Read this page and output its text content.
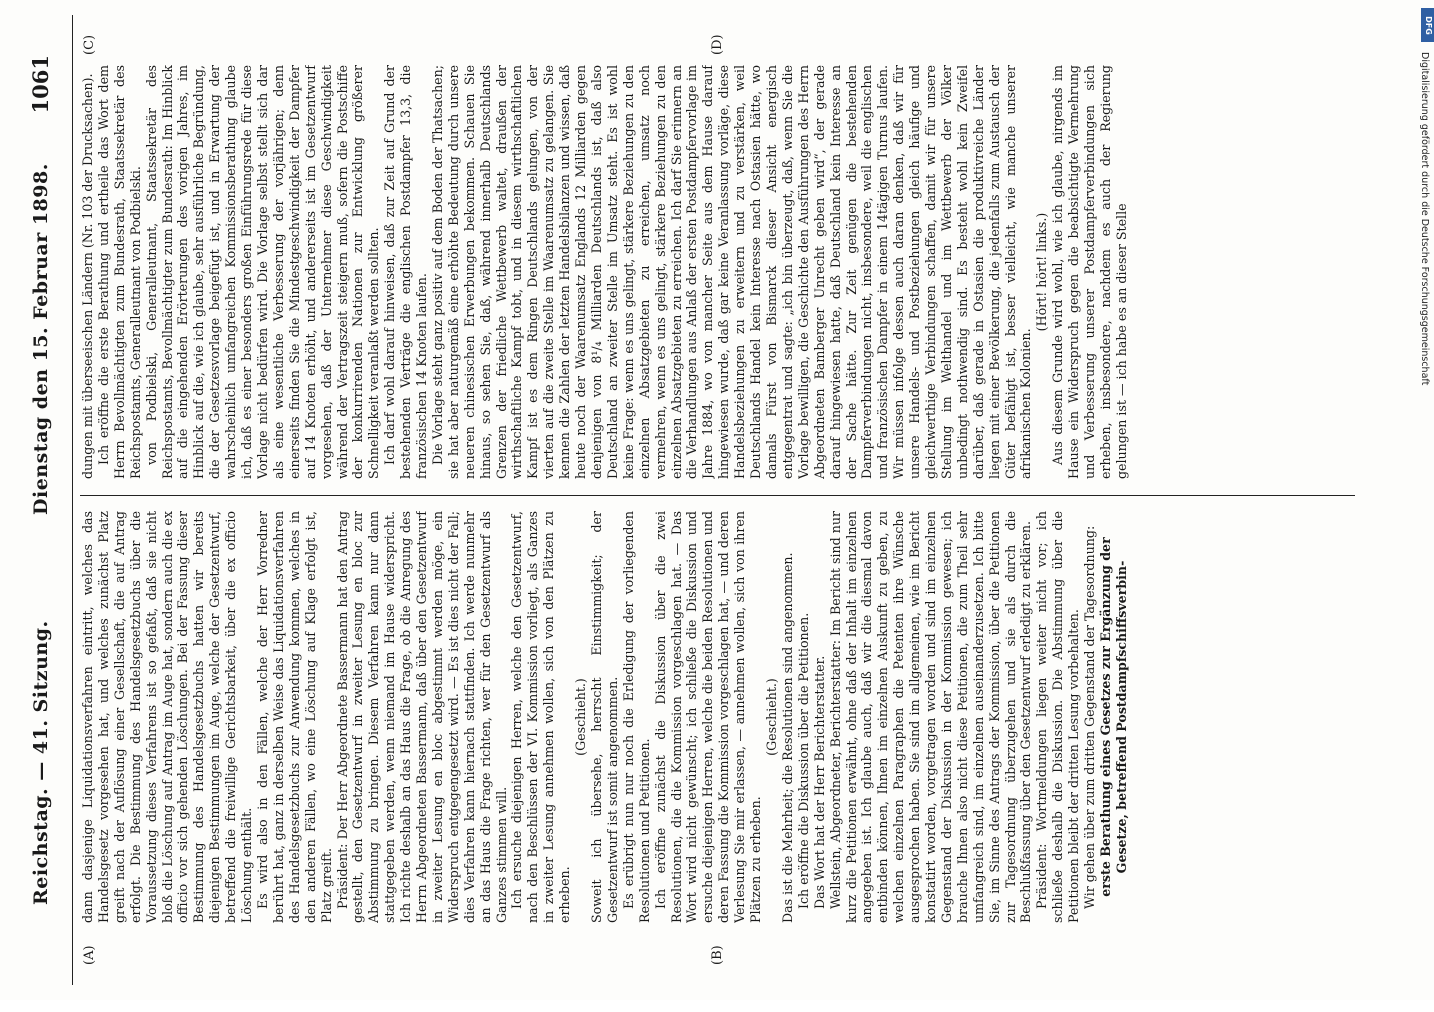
Reichstag. — 41. Sitzung.
Dienstag den 15. Februar 1898.
1061
(A)	(B)
(C)	(D)

dann dasjenige Liquidationsverfahren eintritt, welches das Handelsgesetz vorgesehen hat, und welches zunächst Platz greift nach der Auflösung einer Gesellschaft, die auf Antrag erfolgt. Die Bestimmung des Handelsgesetzbuchs über die Voraussetzung dieses Verfahrens ist so gefaßt, daß sie nicht bloß die Löschung auf Antrag im Auge hat, sondern auch die ex officio vor sich gehenden Löschungen. Bei der Fassung dieser Bestimmung des Handelsgesetzbuchs hatten wir bereits diejenigen Bestimmungen im Auge, welche der Gesetzentwurf, betreffend die freiwillige Gerichtsbarkeit, über die ex officio Löschung enthält. Es wird also in den Fällen, welche der Herr Vorredner berührt hat, ganz in derselben Weise das Liquidationsverfahren des Handelsgesetzbuchs zur Anwendung kommen, welches in den anderen Fällen, wo eine Löschung auf Klage erfolgt ist, Platz greift. Präsident: Der Herr Abgeordnete Bassermann hat den Antrag gestellt, den Gesetzentwurf in zweiter Lesung en bloc zur Abstimmung zu bringen. Diesem Verfahren kann nur dann stattgegeben werden, wenn niemand im Hause widerspricht. Ich richte deshalb an das Haus die Frage, ob die Anregung des Herrn Abgeordneten Bassermann, daß über den Gesetzentwurf in zweiter Lesung en bloc abgestimmt werden möge, ein Widerspruch entgegengesetzt wird. — Es ist dies nicht der Fall; dies Verfahren kann hiernach stattfinden. Ich werde nunmehr an das Haus die Frage richten, wer für den Gesetzentwurf als Ganzes stimmen will. Ich ersuche diejenigen Herren, welche den Gesetzentwurf, nach den Beschlüssen der VI. Kommission vorliegt, als Ganzes in zweiter Lesung annehmen wollen, sich von den Plätzen zu erheben.

(Geschieht.) Soweit ich übersehe, herrscht Einstimmigkeit; der Gesetzentwurf ist somit angenommen. Es erübrigt nun nur noch die Erledigung der vorliegenden Resolutionen und Petitionen. Ich eröffne zunächst die Diskussion über die zwei Resolutionen, die die Kommission vorgeschlagen hat. — Das Wort wird nicht gewünscht; ich schließe die Diskussion und ersuche diejenigen Herren, welche die beiden Resolutionen und deren Fassung die Kommission vorgeschlagen hat, — und deren Verlesung Sie mir erlassen, — annehmen wollen, sich von ihren Plätzen zu erheben.

(Geschieht.) Das ist die Mehrheit; die Resolutionen sind angenommen. Ich eröffne die Diskussion über die Petitionen. Das Wort hat der Herr Berichterstatter. Wellstein, Abgeordneter, Berichterstatter: Im Bericht sind nur kurz die Petitionen erwähnt, ohne daß der Inhalt im einzelnen angegeben ist. Ich glaube auch, daß wir die diesmal davon entbinden können, Ihnen im einzelnen Auskunft zu geben, zu welchen einzelnen Paragraphen die Petenten ihre Wünsche ausgesprochen haben. Sie sind im allgemeinen, wie im Bericht konstatirt worden, vorgetragen worden und sind im einzelnen Gegenstand der Diskussion in der Kommission gewesen; ich brauche Ihnen also nicht diese Petitionen, die zum Theil sehr umfangreich sind, im einzelnen auseinanderzusetzen. Ich bitte Sie, im Sinne des Antrags der Kommission, über die Petitionen zur Tagesordnung überzugehen und sie als durch die Beschlußfassung über den Gesetzentwurf erledigt zu erklären. Präsident: Wortmeldungen liegen weiter nicht vor; ich schließe deshalb die Diskussion. Die Abstimmung über die Petitionen bleibt der dritten Lesung vorbehalten. Wir gehen über zum dritten Gegenstand der Tagesordnung: erste Berathung eines Gesetzes zur Ergänzung der Gesetze, betreffend Postdampfschiffsverbin-

dungen mit überseeischen Ländern (Nr. 103 der Drucksachen). Ich eröffne die erste Berathung und ertheile das Wort dem Herrn Bevollmächtigten zum Bundesrath, Staatssekretär des Reichspostamts, Generalleutnant von Podbielski. von Podbielski, Generalleutnant, Staatssekretär des Reichspostamts, Bevollmächtigter zum Bundesrath: Im Hinblick auf die eingehenden Erörterungen des vorigen Jahres, im Hinblick auf die, wie ich glaube, sehr ausführliche Begründung, die der Gesetzesvorlage beigefügt ist, und in Erwartung der wahrscheinlich umfangreichen Kommissionsberathung glaube ich, daß es einer besonders großen Einführungsrede für diese Vorlage nicht bedürfen wird. Die Vorlage selbst stellt sich dar als eine wesentliche Verbesserung der vorjährigen; denn einerseits finden Sie die Mindestgeschwindigkeit der Dampfer auf 14 Knoten erhöht, und andererseits ist im Gesetzentwurf vorgesehen, daß der Unternehmer diese Geschwindigkeit während der Vertragszeit steigern muß, sofern die Postschiffe der konkurrirenden Nationen zur Entwicklung größerer Schnelligkeit veranlaßt werden sollten. Ich darf wohl darauf hinweisen, daß zur Zeit auf Grund der bestehenden Verträge die englischen Postdampfer 13,3, die französischen 14 Knoten laufen. Die Vorlage steht ganz positiv auf dem Boden der Thatsachen; sie hat aber naturgemäß eine erhöhte Bedeutung durch unsere neueren chinesischen Erwerbungen bekommen. Schauen Sie hinaus, so sehen Sie, daß, während innerhalb Deutschlands Grenzen der friedliche Wettbewerb waltet, draußen der wirthschaftliche Kampf tobt, und in diesem wirthschaftlichen Kampf ist es dem Ringen Deutschlands gelungen, von der vierten auf die zweite Stelle im Waarenumsatz zu gelangen. Sie kennen die Zahlen der letzten Handelsbilanzen und wissen, daß heute noch der Waarenumsatz Englands 12 Milliarden gegen denjenigen von 8¹/₄ Milliarden Deutschlands ist, daß also Deutschland an zweiter Stelle im Umsatz steht. Es ist wohl keine Frage: wenn es uns gelingt, stärkere Beziehungen zu den einzelnen Absatzgebieten zu erreichen, umsatz noch vermehren, wenn es uns gelingt, stärkere Beziehungen zu den einzelnen Absatzgebieten zu erreichen. Ich darf Sie erinnern an die Verhandlungen aus Anlaß der ersten Postdampfervorlage im Jahre 1884, wo von mancher Seite aus dem Hause darauf hingewiesen wurde, daß gar keine Veranlassung vorläge, diese Handelsbeziehungen zu erweitern und zu verstärken, weil Deutschlands Handel kein Interesse nach Ostasien hätte, wo damals Fürst von Bismarck dieser Ansicht energisch entgegentrat und sagte: „ich bin überzeugt, daß, wenn Sie die Vorlage bewilligen, die Geschichte den Ausführungen des Herrn Abgeordneten Bamberger Unrecht geben wird“, der gerade darauf hingewiesen hatte, daß Deutschland kein Interesse an der Sache hätte. Zur Zeit genügen die bestehenden Dampferverbindungen nicht, insbesondere, weil die englischen und französischen Dampfer in einem 14tägigen Turnus laufen. Wir müssen infolge dessen auch daran denken, daß wir für unsere Handels- und Postbeziehungen gleich häufige und gleichwerthige Verbindungen schaffen, damit wir für unsere Stellung im Welthandel und im Wettbewerb der Völker unbedingt nothwendig sind. Es besteht wohl kein Zweifel darüber, daß gerade in Ostasien die produktivreiche Länder liegen mit einer Bevölkerung, die jedenfalls zum Austausch der Güter befähigt ist, besser vielleicht, wie manche unserer afrikanischen Kolonien.

(Hört! hört! links.) Aus diesem Grunde wird wohl, wie ich glaube, nirgends im Hause ein Widerspruch gegen die beabsichtigte Vermehrung und Verbesserung unserer Postdampferverbindungen sich erheben, insbesondere, nachdem es auch der Regierung gelungen ist — ich habe es an dieser Stelle

DFG
Digitalisierung gefördert durch die Deutsche Forschungsgemeinschaft
